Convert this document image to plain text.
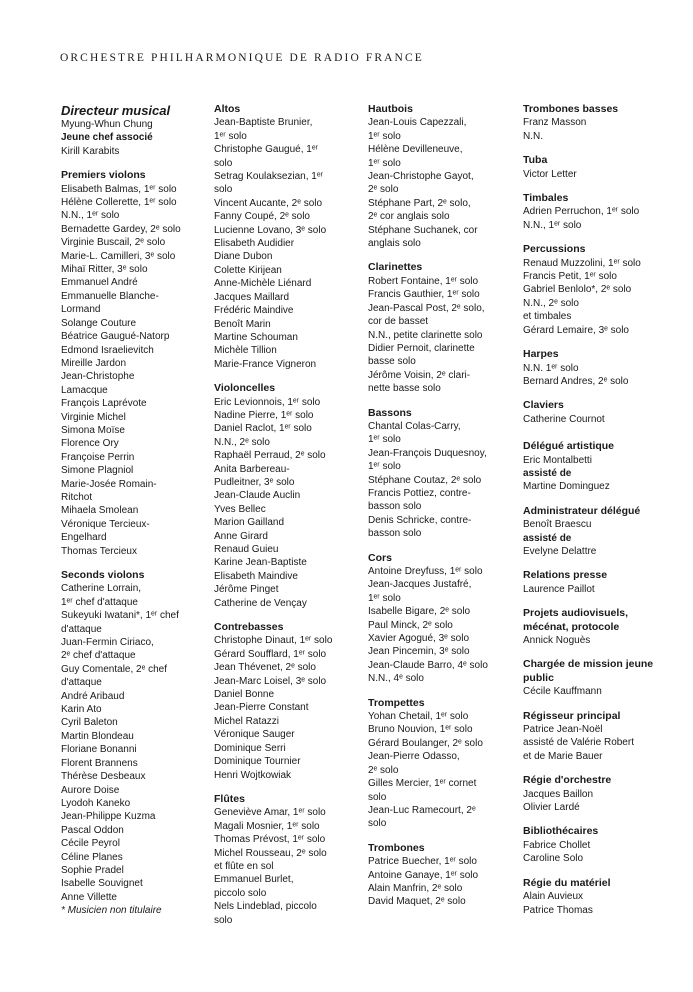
ORCHESTRE PHILHARMONIQUE DE RADIO FRANCE
Directeur musical
Myung-Whun Chung
Jeune chef associé
Kirill Karabits
Premiers violons
Elisabeth Balmas, 1ᵉʳ solo
Hélène Collerette, 1ᵉʳ solo
N.N., 1ᵉʳ solo
Bernadette Gardey, 2ᵉ solo
Virginie Buscail, 2ᵉ solo
Marie-L. Camilleri, 3ᵉ solo
Mihaï Ritter, 3ᵉ solo
Emmanuel André
Emmanuelle Blanche-
Lormand
Solange Couture
Béatrice Gaugué-Natorp
Edmond Israelievitch
Mireille Jardon
Jean-Christophe
Lamacque
François Laprévote
Virginie Michel
Simona Moïse
Florence Ory
Françoise Perrin
Simone Plagniol
Marie-Josée Romain-
Ritchot
Mihaela Smolean
Véronique Tercieux-
Engelhard
Thomas Tercieux
Seconds violons
Catherine Lorrain,
1ᵉʳ chef d'attaque
Sukeyuki Iwatani*, 1ᵉʳ chef
d'attaque
Juan-Fermin Ciriaco,
2ᵉ chef d'attaque
Guy Comentale, 2ᵉ chef
d'attaque
André Aribaud
Karin Ato
Cyril Baleton
Martin Blondeau
Floriane Bonanni
Florent Brannens
Thérèse Desbeaux
Aurore Doise
Lyodoh Kaneko
Jean-Philippe Kuzma
Pascal Oddon
Cécile Peyrol
Céline Planes
Sophie Pradel
Isabelle Souvignet
Anne Villette
* Musicien non titulaire
Altos
Jean-Baptiste Brunier,
1ᵉʳ solo
Christophe Gaugué, 1ᵉʳ
solo
Setrag Koulaksezian, 1ᵉʳ
solo
Vincent Aucante, 2ᵉ solo
Fanny Coupé, 2ᵉ solo
Lucienne Lovano, 3ᵉ solo
Elisabeth Audidier
Diane Dubon
Colette Kirijean
Anne-Michèle Liénard
Jacques Maillard
Frédéric Maindive
Benoît Marin
Martine Schouman
Michèle Tillion
Marie-France Vigneron
Violoncelles
Eric Levionnois, 1ᵉʳ solo
Nadine Pierre, 1ᵉʳ solo
Daniel Raclot, 1ᵉʳ solo
N.N., 2ᵉ solo
Raphaël Perraud, 2ᵉ solo
Anita Barbereau-
Pudleitner, 3ᵉ solo
Jean-Claude Auclin
Yves Bellec
Marion Gailland
Anne Girard
Renaud Guieu
Karine Jean-Baptiste
Elisabeth Maindive
Jérôme Pinget
Catherine de Vençay
Contrebasses
Christophe Dinaut, 1ᵉʳ solo
Gérard Soufflard, 1ᵉʳ solo
Jean Thévenet, 2ᵉ solo
Jean-Marc Loisel, 3ᵉ solo
Daniel Bonne
Jean-Pierre Constant
Michel Ratazzi
Véronique Sauger
Dominique Serri
Dominique Tournier
Henri Wojtkowiak
Flûtes
Geneviève Amar, 1ᵉʳ solo
Magali Mosnier, 1ᵉʳ solo
Thomas Prévost, 1ᵉʳ solo
Michel Rousseau, 2ᵉ solo
et flûte en sol
Emmanuel Burlet,
piccolo solo
Nels Lindeblad, piccolo
solo
Hautbois
Jean-Louis Capezzali,
1ᵉʳ solo
Hélène Devilleneuve,
1ᵉʳ solo
Jean-Christophe Gayot,
2ᵉ solo
Stéphane Part, 2ᵉ solo,
2ᵉ cor anglais solo
Stéphane Suchanek, cor
anglais solo
Clarinettes
Robert Fontaine, 1ᵉʳ solo
Francis Gauthier, 1ᵉʳ solo
Jean-Pascal Post, 2ᵉ solo,
cor de basset
N.N., petite clarinette solo
Didier Pernoit, clarinette
basse solo
Jérôme Voisin, 2ᵉ clari-
nette basse solo
Bassons
Chantal Colas-Carry,
1ᵉʳ solo
Jean-François Duquesnoy,
1ᵉʳ solo
Stéphane Coutaz, 2ᵉ solo
Francis Pottiez, contre-
basson solo
Denis Schricke, contre-
basson solo
Cors
Antoine Dreyfuss, 1ᵉʳ solo
Jean-Jacques Justafré,
1ᵉʳ solo
Isabelle Bigare, 2ᵉ solo
Paul Minck, 2ᵉ solo
Xavier Agogué, 3ᵉ solo
Jean Pincemin, 3ᵉ solo
Jean-Claude Barro, 4ᵉ solo
N.N., 4ᵉ solo
Trompettes
Yohan Chetail, 1ᵉʳ solo
Bruno Nouvion, 1ᵉʳ solo
Gérard Boulanger, 2ᵉ solo
Jean-Pierre Odasso,
2ᵉ solo
Gilles Mercier, 1ᵉʳ cornet
solo
Jean-Luc Ramecourt, 2ᵉ
solo
Trombones
Patrice Buecher, 1ᵉʳ solo
Antoine Ganaye, 1ᵉʳ solo
Alain Manfrin, 2ᵉ solo
David Maquet, 2ᵉ solo
Trombones basses
Franz Masson
N.N.
Tuba
Victor Letter
Timbales
Adrien Perruchon, 1ᵉʳ solo
N.N., 1ᵉʳ solo
Percussions
Renaud Muzzolini, 1ᵉʳ solo
Francis Petit, 1ᵉʳ solo
Gabriel Benlolo*, 2ᵉ solo
N.N., 2ᵉ solo
et timbales
Gérard Lemaire, 3ᵉ solo
Harpes
N.N. 1ᵉʳ solo
Bernard Andres, 2ᵉ solo
Claviers
Catherine Cournot
Délégué artistique
Eric Montalbetti
assisté de
Martine Dominguez
Administrateur délégué
Benoît Braescu
assisté de
Evelyne Delattre
Relations presse
Laurence Paillot
Projets audiovisuels, mécénat, protocole
Annick Noguès
Chargée de mission jeune public
Cécile Kauffmann
Régisseur principal
Patrice Jean-Noël
assisté de Valérie Robert
et de Marie Bauer
Régie d'orchestre
Jacques Baillon
Olivier Lardé
Bibliothécaires
Fabrice Chollet
Caroline Solo
Régie du matériel
Alain Auvieux
Patrice Thomas
